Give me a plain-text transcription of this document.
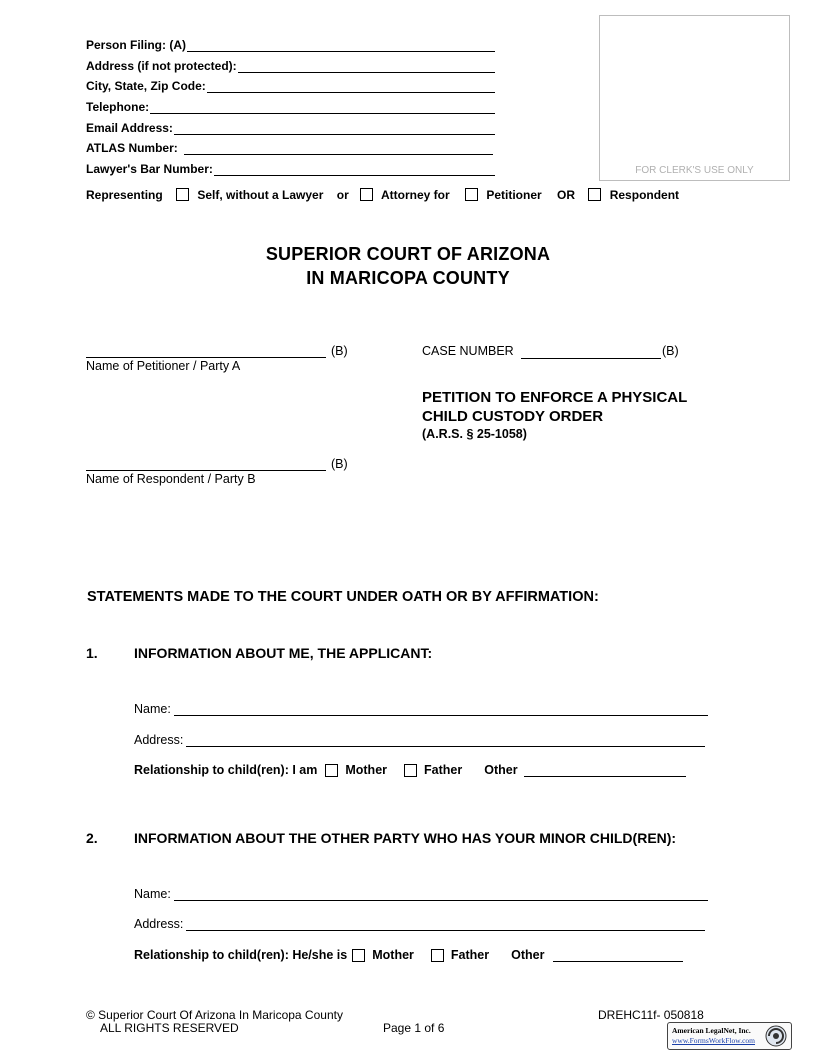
Person Filing: (A)
Address (if not protected):
City, State, Zip Code:
Telephone:
Email Address:
ATLAS Number:
Lawyer's Bar Number:	FOR CLERK'S USE ONLY
Representing	Self, without a Lawyer or	Attorney for	Petitioner OR	Respondent
SUPERIOR COURT OF ARIZONA
IN MARICOPA COUNTY
(B)
Name of Petitioner / Party A
CASE NUMBER	(B)
PETITION TO ENFORCE A PHYSICAL
CHILD CUSTODY ORDER
(A.R.S. § 25-1058)
(B)
Name of Respondent / Party B
STATEMENTS MADE TO THE COURT UNDER OATH OR BY AFFIRMATION:
1.	INFORMATION ABOUT ME, THE APPLICANT:
Name:
Address:
Relationship to child(ren): I am Mother	Father Other
2.	INFORMATION ABOUT THE OTHER PARTY WHO HAS YOUR MINOR CHILD(REN):
Name:
Address:
Relationship to child(ren): He/she is Mother	Father Other
© Superior Court Of Arizona In Maricopa County
ALL RIGHTS RESERVED	Page 1 of 6
DREHC11f- 050818
American LegalNet, Inc.
www.FormsWorkFlow.com
